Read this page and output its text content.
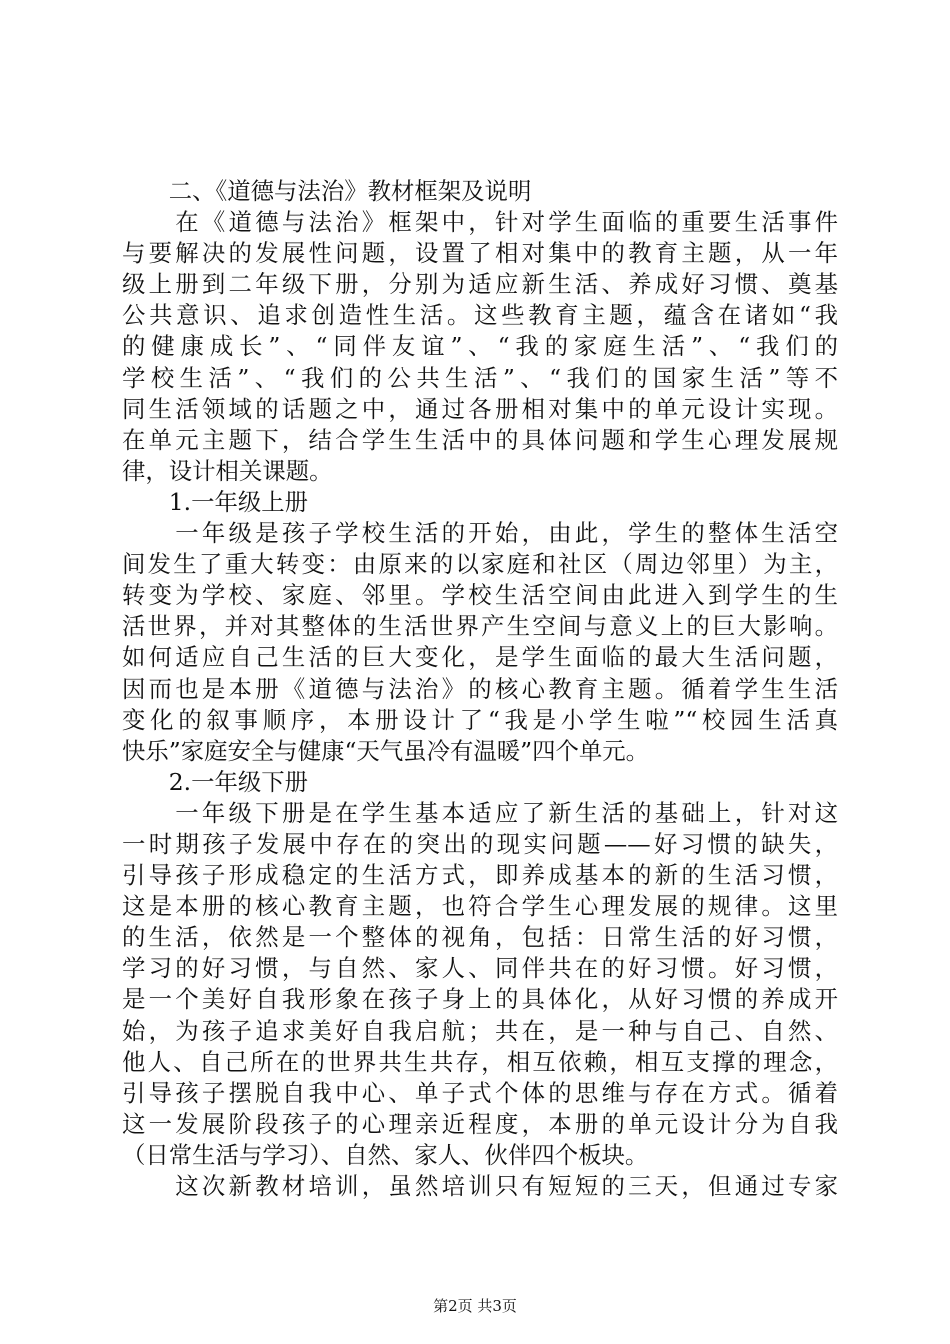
　　二、《道德与法治》教材框架及说明
　　在《道德与法治》框架中，针对学生面临的重要生活事件
与要解决的发展性问题，设置了相对集中的教育主题，从一年
级上册到二年级下册，分别为适应新生活、养成好习惯、奠基
公共意识、追求创造性生活。这些教育主题，蕴含在诸如“我
的健康成长”、“同伴友谊”、“我的家庭生活”、“我们的
学校生活”、“我们的公共生活”、“我们的国家生活”等不
同生活领域的话题之中，通过各册相对集中的单元设计实现。
在单元主题下，结合学生生活中的具体问题和学生心理发展规
律，设计相关课题。
　　1.一年级上册
　　一年级是孩子学校生活的开始，由此，学生的整体生活空
间发生了重大转变：由原来的以家庭和社区（周边邻里）为主，
转变为学校、家庭、邻里。学校生活空间由此进入到学生的生
活世界，并对其整体的生活世界产生空间与意义上的巨大影响。
如何适应自己生活的巨大变化，是学生面临的最大生活问题，
因而也是本册《道德与法治》的核心教育主题。循着学生生活
变化的叙事顺序，本册设计了“我是小学生啦”“校园生活真
快乐”家庭安全与健康“天气虽冷有温暖”四个单元。
　　2.一年级下册
　　一年级下册是在学生基本适应了新生活的基础上，针对这
一时期孩子发展中存在的突出的现实问题——好习惯的缺失，
引导孩子形成稳定的生活方式，即养成基本的新的生活习惯，
这是本册的核心教育主题，也符合学生心理发展的规律。这里
的生活，依然是一个整体的视角，包括：日常生活的好习惯，
学习的好习惯，与自然、家人、同伴共在的好习惯。好习惯，
是一个美好自我形象在孩子身上的具体化，从好习惯的养成开
始，为孩子追求美好自我启航；共在，是一种与自己、自然、
他人、自己所在的世界共生共存，相互依赖，相互支撑的理念，
引导孩子摆脱自我中心、单子式个体的思维与存在方式。循着
这一发展阶段孩子的心理亲近程度，本册的单元设计分为自我
（日常生活与学习）、自然、家人、伙伴四个板块。
　　这次新教材培训，虽然培训只有短短的三天，但通过专家
第2页 共3页
